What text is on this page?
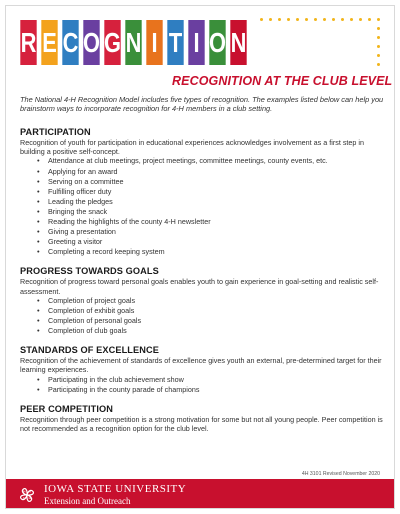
R E C O G N I T I O N
RECOGNITION AT THE CLUB LEVEL

The National 4-H Recognition Model includes five types of recognition. The examples listed below can help you brainstorm ways to incorporate recognition for 4-H members in a club setting.

PARTICIPATION

Recognition of youth for participation in educational experiences acknowledges involvement as a first step in building a positive self-concept.

• Attendance at club meetings, project meetings, committee meetings, county events, etc.
• Applying for an award
• Serving on a committee
• Fulfilling officer duty
• Leading the pledges
• Bringing the snack
• Reading the highlights of the county 4-H newsletter
• Giving a presentation
• Greeting a visitor
• Completing a record keeping system
PROGRESS TOWARDS GOALS

Recognition of progress toward personal goals enables youth to gain experience in goal-setting and realistic self-assessment.

• Completion of project goals
• Completion of exhibit goals
• Completion of personal goals
• Completion of club goals
STANDARDS OF EXCELLENCE

Recognition of the achievement of standards of excellence gives youth an external, pre-determined target for their learning experiences.

• Participating in the club achievement show
• Participating in the county parade of champions
PEER COMPETITION

Recognition through peer competition is a strong motivation for some but not all young people. Peer competition is not recommended as a recognition option for the club level.

4H 3101 Revised November 2020
H H
H H
IOWA STATE UNIVERSITY
Extension and Outreach
